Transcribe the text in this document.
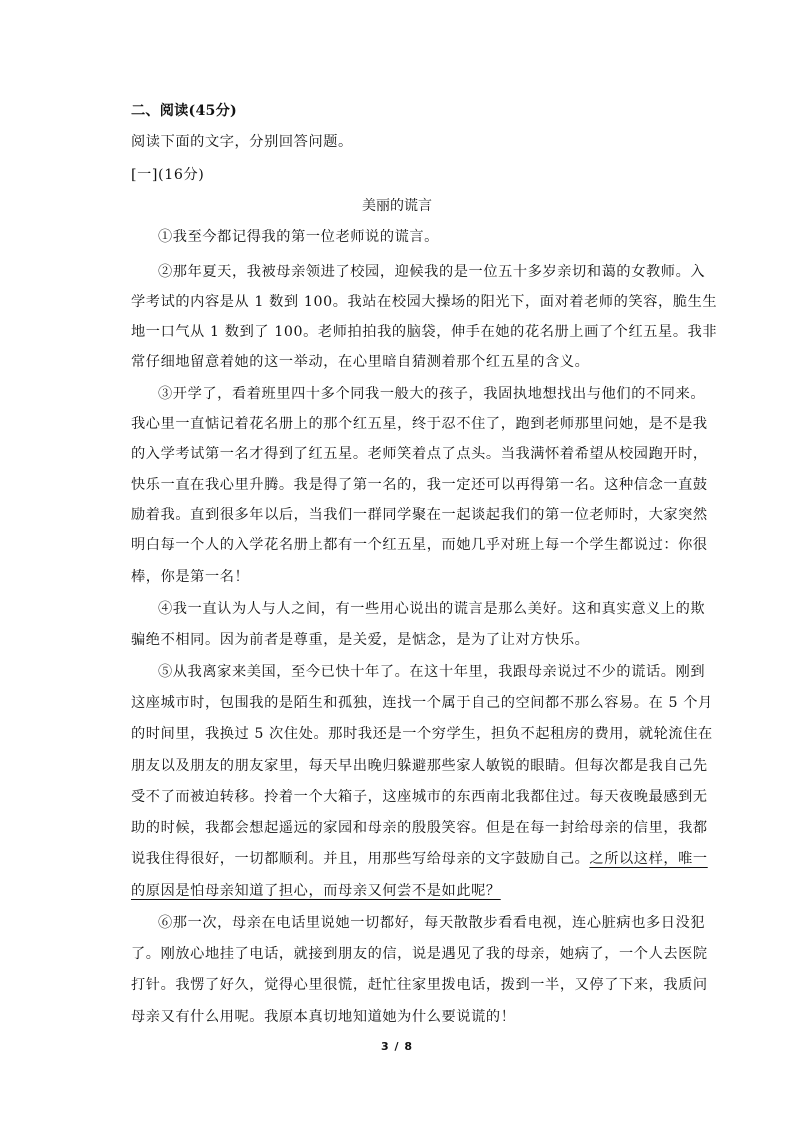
二、阅读(45分)
阅读下面的文字，分别回答问题。
[一](16分)
美丽的谎言
①我至今都记得我的第一位老师说的谎言。
②那年夏天，我被母亲领进了校园，迎候我的是一位五十多岁亲切和蔼的女教师。入
学考试的内容是从 1 数到 100。我站在校园大操场的阳光下，面对着老师的笑容，脆生生
地一口气从 1 数到了 100。老师拍拍我的脑袋，伸手在她的花名册上画了个红五星。我非
常仔细地留意着她的这一举动，在心里暗自猜测着那个红五星的含义。
③开学了，看着班里四十多个同我一般大的孩子，我固执地想找出与他们的不同来。
我心里一直惦记着花名册上的那个红五星，终于忍不住了，跑到老师那里问她，是不是我
的入学考试第一名才得到了红五星。老师笑着点了点头。当我满怀着希望从校园跑开时，
快乐一直在我心里升腾。我是得了第一名的，我一定还可以再得第一名。这种信念一直鼓
励着我。直到很多年以后，当我们一群同学聚在一起谈起我们的第一位老师时，大家突然
明白每一个人的入学花名册上都有一个红五星，而她几乎对班上每一个学生都说过：你很
棒，你是第一名！
④我一直认为人与人之间，有一些用心说出的谎言是那么美好。这和真实意义上的欺
骗绝不相同。因为前者是尊重，是关爱，是惦念，是为了让对方快乐。
⑤从我离家来美国，至今已快十年了。在这十年里，我跟母亲说过不少的谎话。刚到
这座城市时，包围我的是陌生和孤独，连找一个属于自己的空间都不那么容易。在 5 个月
的时间里，我换过 5 次住处。那时我还是一个穷学生，担负不起租房的费用，就轮流住在
朋友以及朋友的朋友家里，每天早出晚归躲避那些家人敏锐的眼睛。但每次都是我自己先
受不了而被迫转移。拎着一个大箱子，这座城市的东西南北我都住过。每天夜晚最感到无
助的时候，我都会想起遥远的家园和母亲的殷殷笑容。但是在每一封给母亲的信里，我都
说我住得很好，一切都顺利。并且，用那些写给母亲的文字鼓励自己。之所以这样，唯一
的原因是怕母亲知道了担心，而母亲又何尝不是如此呢？
⑥那一次，母亲在电话里说她一切都好，每天散散步看看电视，连心脏病也多日没犯
了。刚放心地挂了电话，就接到朋友的信，说是遇见了我的母亲，她病了，一个人去医院
打针。我愣了好久，觉得心里很慌，赶忙往家里拨电话，拨到一半，又停了下来，我质问
母亲又有什么用呢。我原本真切地知道她为什么要说谎的！
3 / 8
